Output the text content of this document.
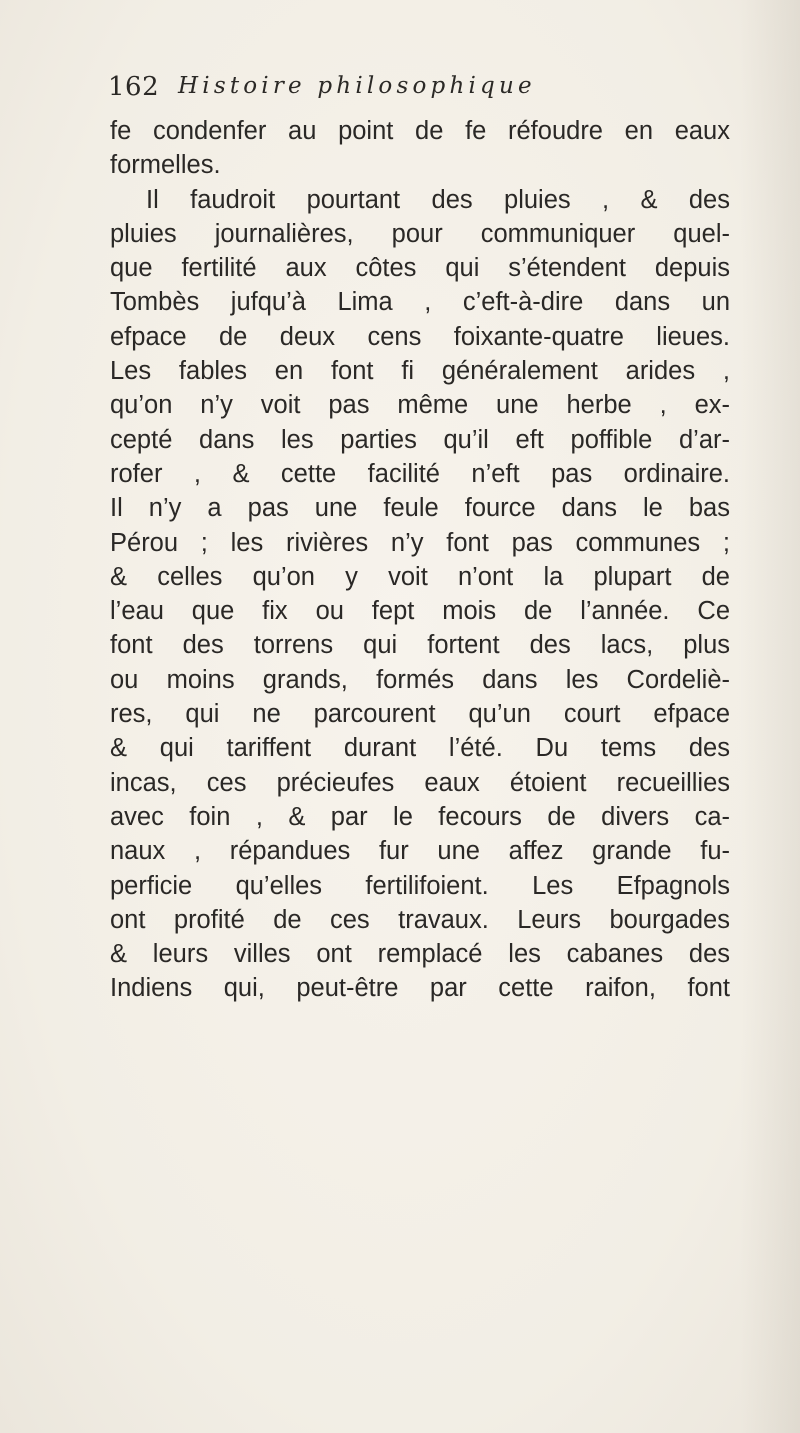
162 Histoire philosophique
fe condenfer au point de fe réfoudre en eaux
formelles.
Il faudroit pourtant des pluies , & des
pluies journalières, pour communiquer quel-
que fertilité aux côtes qui s’étendent depuis
Tombès jufqu’à Lima , c’eft-à-dire dans un
efpace de deux cens foixante-quatre lieues.
Les fables en font fi généralement arides ,
qu’on n’y voit pas même une herbe , ex-
cepté dans les parties qu’il eft poffible d’ar-
rofer , & cette facilité n’eft pas ordinaire.
Il n’y a pas une feule fource dans le bas
Pérou ; les rivières n’y font pas communes ;
& celles qu’on y voit n’ont la plupart de
l’eau que fix ou fept mois de l’année. Ce
font des torrens qui fortent des lacs, plus
ou moins grands, formés dans les Cordeliè-
res, qui ne parcourent qu’un court efpace
& qui tariffent durant l’été. Du tems des
incas, ces précieufes eaux étoient recueillies
avec foin , & par le fecours de divers ca-
naux , répandues fur une affez grande fu-
perficie qu’elles fertilifoient. Les Efpagnols
ont profité de ces travaux. Leurs bourgades
& leurs villes ont remplacé les cabanes des
Indiens qui, peut-être par cette raifon, font
